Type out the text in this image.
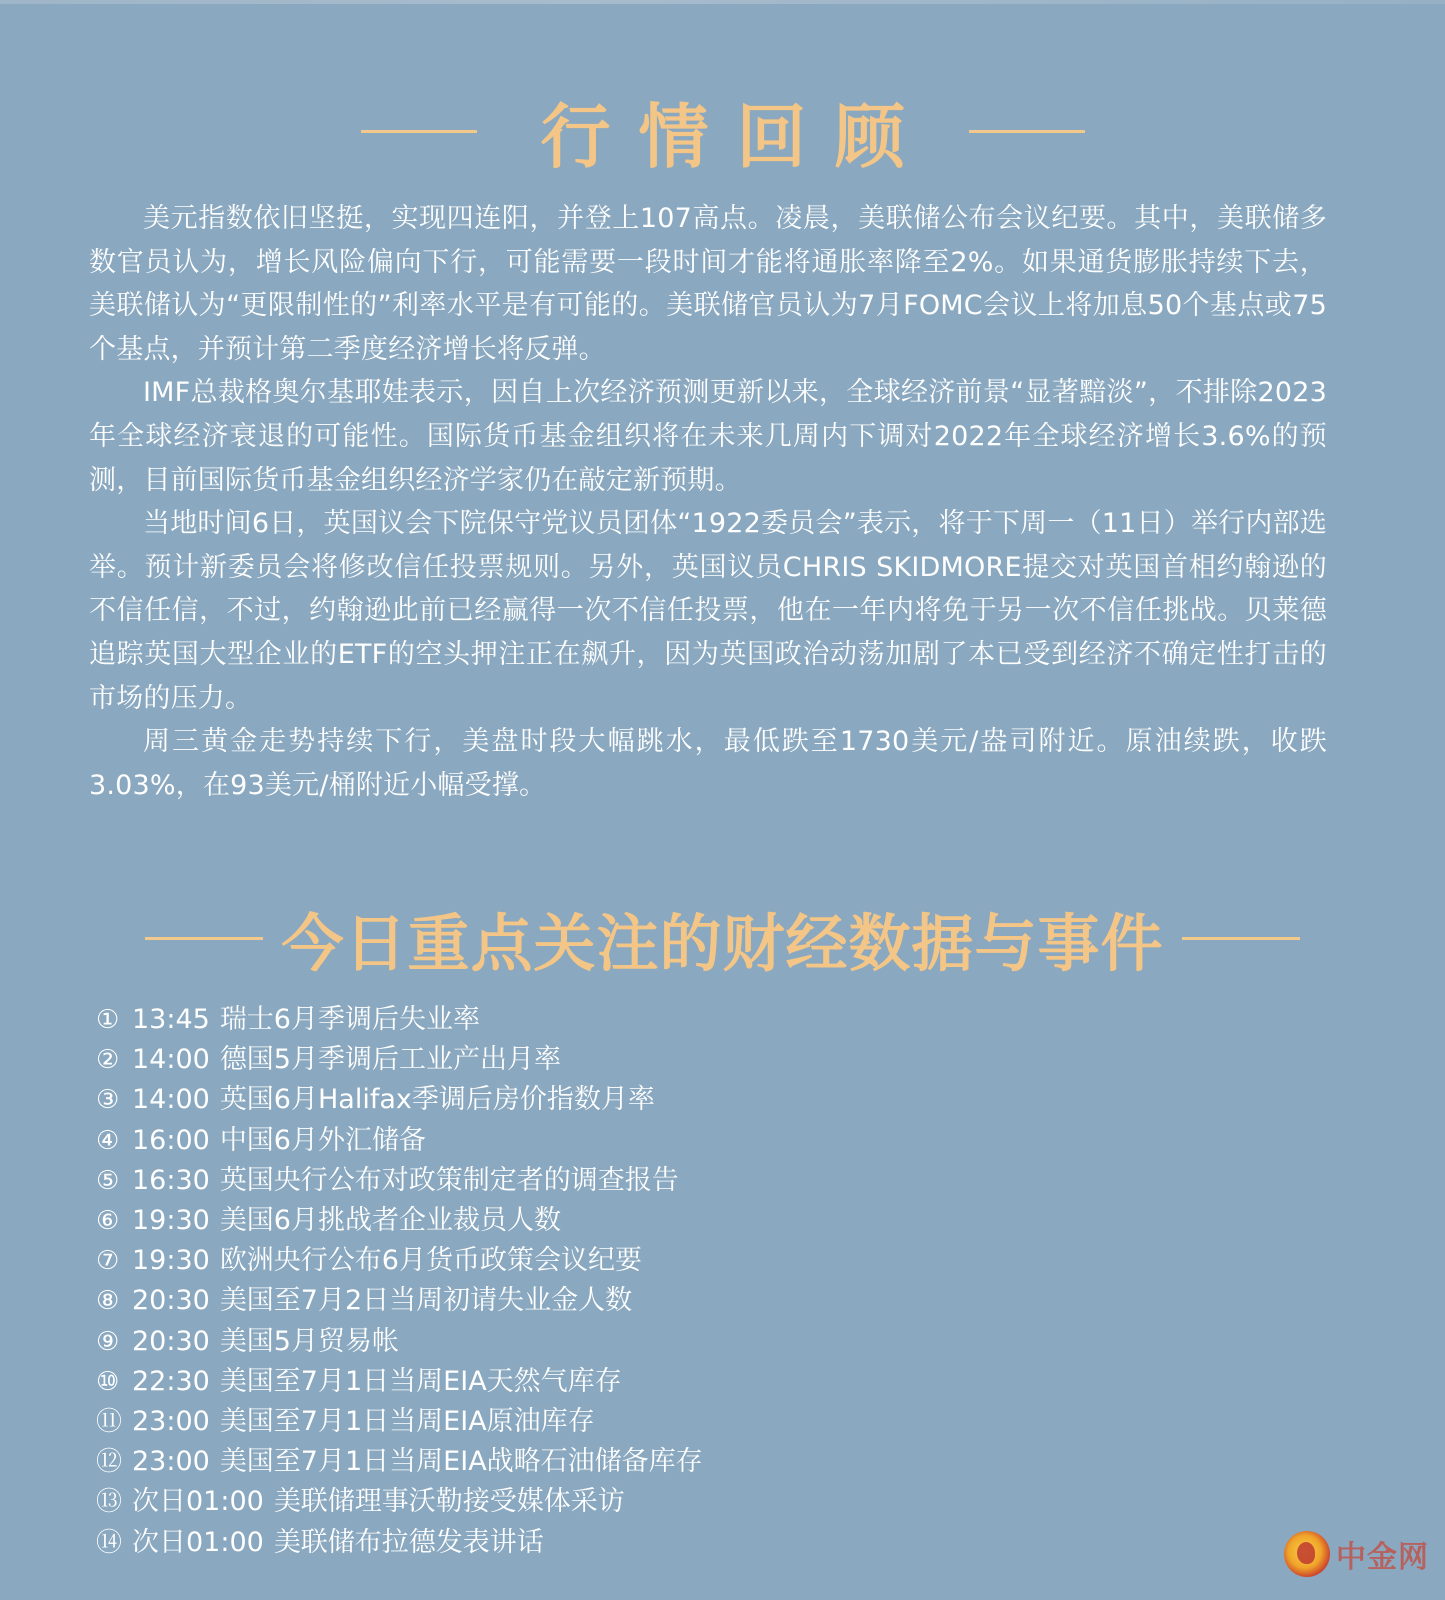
行情回顾

美元指数依旧坚挺，实现四连阳，并登上107高点。凌晨，美联储公布会议纪要。其中，美联储多数官员认为，增长风险偏向下行，可能需要一段时间才能将通胀率降至2%。如果通货膨胀持续下去，美联储认为“更限制性的”利率水平是有可能的。美联储官员认为7月FOMC会议上将加息50个基点或75个基点，并预计第二季度经济增长将反弹。

IMF总裁格奥尔基耶娃表示，因自上次经济预测更新以来，全球经济前景“显著黯淡”，不排除2023年全球经济衰退的可能性。国际货币基金组织将在未来几周内下调对2022年全球经济增长3.6%的预测，目前国际货币基金组织经济学家仍在敲定新预期。

当地时间6日，英国议会下院保守党议员团体“1922委员会”表示，将于下周一（11日）举行内部选举。预计新委员会将修改信任投票规则。另外，英国议员CHRIS SKIDMORE提交对英国首相约翰逊的不信任信，不过，约翰逊此前已经赢得一次不信任投票，他在一年内将免于另一次不信任挑战。贝莱德追踪英国大型企业的ETF的空头押注正在飙升，因为英国政治动荡加剧了本已受到经济不确定性打击的市场的压力。

周三黄金走势持续下行，美盘时段大幅跳水，最低跌至1730美元/盎司附近。原油续跌，收跌3.03%，在93美元/桶附近小幅受撑。

今日重点关注的财经数据与事件
① 13:45 瑞士6月季调后失业率
② 14:00 德国5月季调后工业产出月率
③ 14:00 英国6月Halifax季调后房价指数月率
④ 16:00 中国6月外汇储备
⑤ 16:30 英国央行公布对政策制定者的调查报告
⑥ 19:30 美国6月挑战者企业裁员人数
⑦ 19:30 欧洲央行公布6月货币政策会议纪要
⑧ 20:30 美国至7月2日当周初请失业金人数
⑨ 20:30 美国5月贸易帐
⑩ 22:30 美国至7月1日当周EIA天然气库存
⑪ 23:00 美国至7月1日当周EIA原油库存
⑫ 23:00 美国至7月1日当周EIA战略石油储备库存
⑬ 次日01:00 美联储理事沃勒接受媒体采访
⑭ 次日01:00 美联储布拉德发表讲话	中金网
